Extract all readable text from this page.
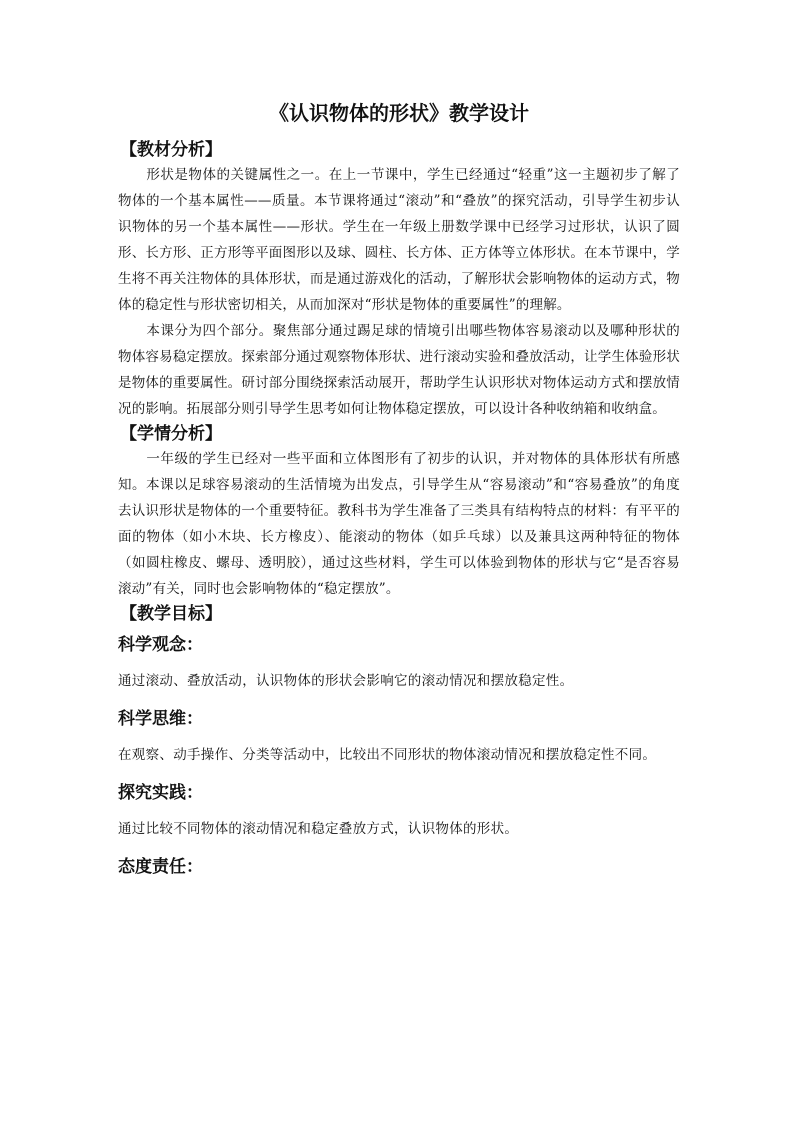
《认识物体的形状》教学设计
【教材分析】

形状是物体的关键属性之一。在上一节课中，学生已经通过“轻重”这一主题初步了解了物体的一个基本属性——质量。本节课将通过“滚动”和“叠放”的探究活动，引导学生初步认识物体的另一个基本属性——形状。学生在一年级上册数学课中已经学习过形状，认识了圆形、长方形、正方形等平面图形以及球、圆柱、长方体、正方体等立体形状。在本节课中，学生将不再关注物体的具体形状，而是通过游戏化的活动，了解形状会影响物体的运动方式，物体的稳定性与形状密切相关，从而加深对“形状是物体的重要属性”的理解。

本课分为四个部分。聚焦部分通过踢足球的情境引出哪些物体容易滚动以及哪种形状的物体容易稳定摆放。探索部分通过观察物体形状、进行滚动实验和叠放活动，让学生体验形状是物体的重要属性。研讨部分围绕探索活动展开，帮助学生认识形状对物体运动方式和摆放情况的影响。拓展部分则引导学生思考如何让物体稳定摆放，可以设计各种收纳箱和收纳盒。

【学情分析】

一年级的学生已经对一些平面和立体图形有了初步的认识，并对物体的具体形状有所感知。本课以足球容易滚动的生活情境为出发点，引导学生从“容易滚动”和“容易叠放”的角度去认识形状是物体的一个重要特征。教科书为学生准备了三类具有结构特点的材料：有平平的面的物体（如小木块、长方橡皮）、能滚动的物体（如乒乓球）以及兼具这两种特征的物体（如圆柱橡皮、螺母、透明胶），通过这些材料，学生可以体验到物体的形状与它“是否容易滚动”有关，同时也会影响物体的“稳定摆放”。

【教学目标】
科学观念：

通过滚动、叠放活动，认识物体的形状会影响它的滚动情况和摆放稳定性。

科学思维：

在观察、动手操作、分类等活动中，比较出不同形状的物体滚动情况和摆放稳定性不同。

探究实践：

通过比较不同物体的滚动情况和稳定叠放方式，认识物体的形状。

态度责任：
